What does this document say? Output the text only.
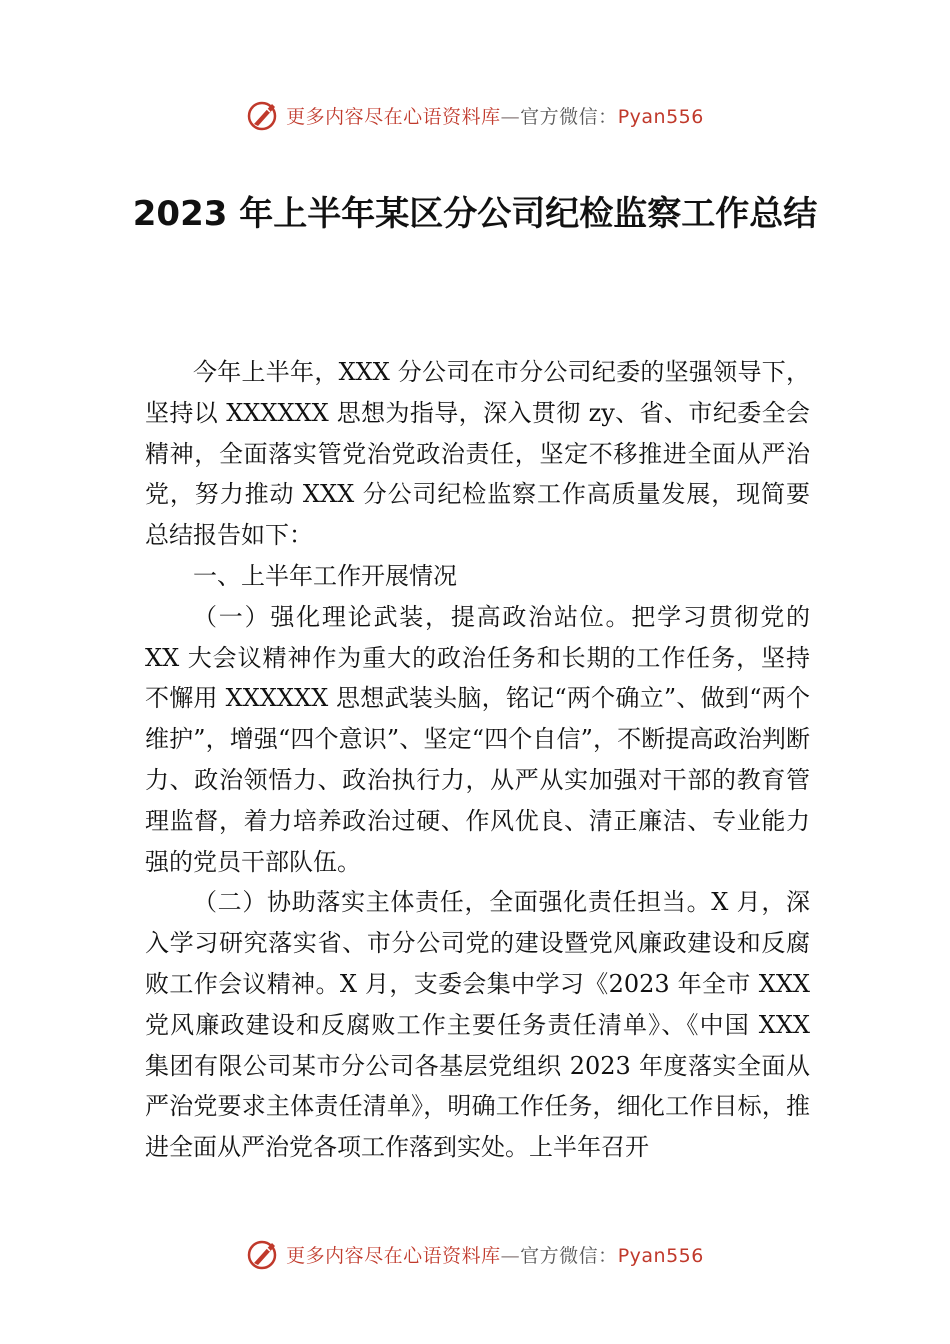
更多内容尽在心语资料库—官方微信：Pyan556
2023 年上半年某区分公司纪检监察工作总结

今年上半年，XXX 分公司在市分公司纪委的坚强领导下，坚持以 XXXXXX 思想为指导，深入贯彻 zy、省、市纪委全会精神，全面落实管党治党政治责任，坚定不移推进全面从严治党，努力推动 XXX 分公司纪检监察工作高质量发展，现简要总结报告如下：

一、上半年工作开展情况

（一）强化理论武装，提高政治站位。把学习贯彻党的 XX 大会议精神作为重大的政治任务和长期的工作任务，坚持不懈用 XXXXXX 思想武装头脑，铭记“两个确立”、做到“两个维护”，增强“四个意识”、坚定“四个自信”，不断提高政治判断力、政治领悟力、政治执行力，从严从实加强对干部的教育管理监督，着力培养政治过硬、作风优良、清正廉洁、专业能力强的党员干部队伍。

（二）协助落实主体责任，全面强化责任担当。X 月，深入学习研究落实省、市分公司党的建设暨党风廉政建设和反腐败工作会议精神。X 月，支委会集中学习《2023 年全市 XXX 党风廉政建设和反腐败工作主要任务责任清单》、《中国 XXX 集团有限公司某市分公司各基层党组织 2023 年度落实全面从严治党要求主体责任清单》，明确工作任务，细化工作目标，推进全面从严治党各项工作落到实处。上半年召开

更多内容尽在心语资料库—官方微信：Pyan556
